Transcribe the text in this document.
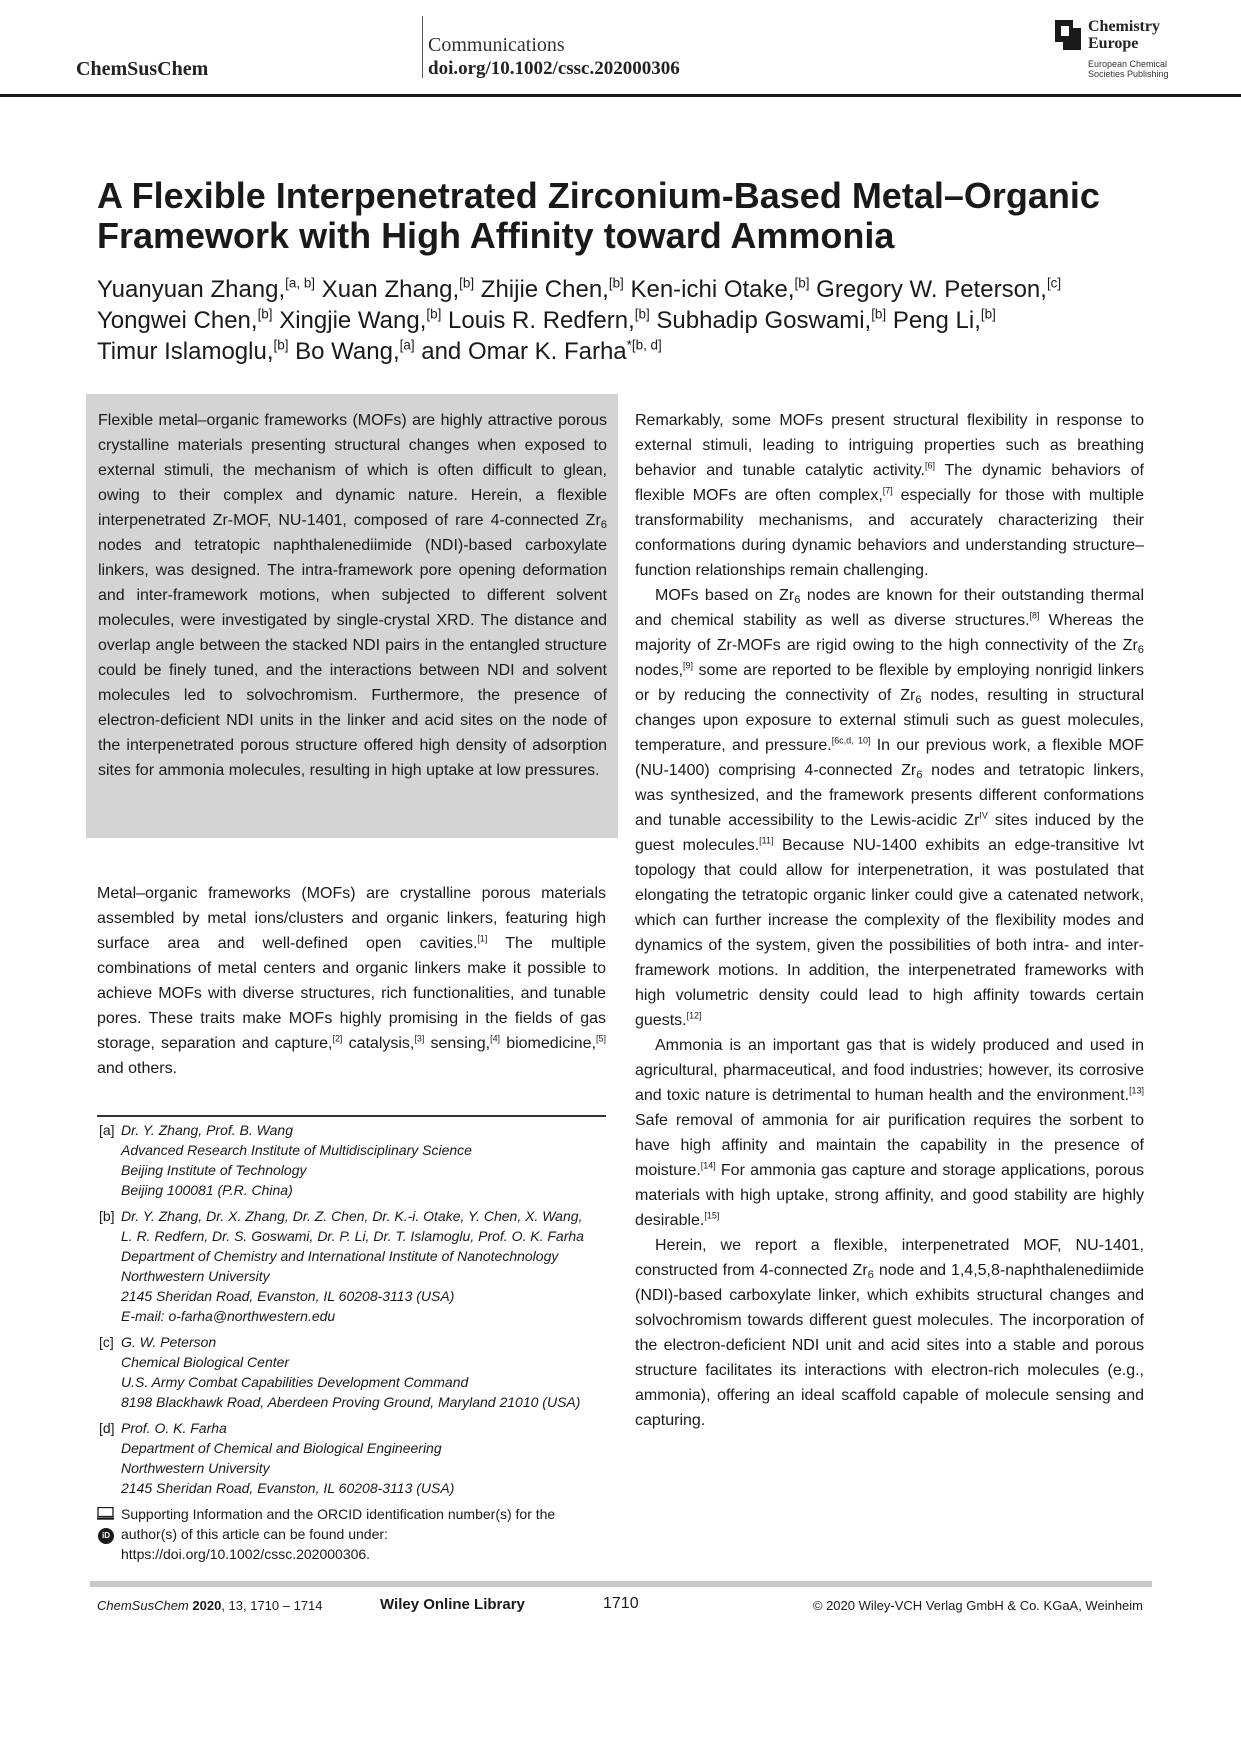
ChemSusChem
Communications
doi.org/10.1002/cssc.202000306
Chemistry
Europe
European Chemical
Societies Publishing
A Flexible Interpenetrated Zirconium-Based Metal–Organic
Framework with High Affinity toward Ammonia
Yuanyuan Zhang,[a, b] Xuan Zhang,[b] Zhijie Chen,[b] Ken-ichi Otake,[b] Gregory W. Peterson,[c]
Yongwei Chen,[b] Xingjie Wang,[b] Louis R. Redfern,[b] Subhadip Goswami,[b] Peng Li,[b]
Timur Islamoglu,[b] Bo Wang,[a] and Omar K. Farha$^{*[b, d]}$
Flexible metal–organic frameworks (MOFs) are highly attractive porous crystalline materials presenting structural changes when exposed to external stimuli, the mechanism of which is often difficult to glean, owing to their complex and dynamic nature. Herein, a flexible interpenetrated Zr-MOF, NU-1401, composed of rare 4-connected $Zr_6$ nodes and tetratopic naphthalenediimide (NDI)-based carboxylate linkers, was designed. The intra-framework pore opening deformation and inter-framework motions, when subjected to different solvent molecules, were investigated by single-crystal XRD. The distance and overlap angle between the stacked NDI pairs in the entangled structure could be finely tuned, and the interactions between NDI and solvent molecules led to solvochromism. Furthermore, the presence of electron-deficient NDI units in the linker and acid sites on the node of the interpenetrated porous structure offered high density of adsorption sites for ammonia molecules, resulting in high uptake at low pressures.

Metal–organic frameworks (MOFs) are crystalline porous materials assembled by metal ions/clusters and organic linkers, featuring high surface area and well-defined open cavities.[1] The multiple combinations of metal centers and organic linkers make it possible to achieve MOFs with diverse structures, rich functionalities, and tunable pores. These traits make MOFs highly promising in the fields of gas storage, separation and capture,[2] catalysis,[3] sensing,[4] biomedicine,[5] and others.

[a] Dr. Y. Zhang, Prof. B. Wang
Advanced Research Institute of Multidisciplinary Science
Beijing Institute of Technology
Beijing 100081 (P.R. China)
[b] Dr. Y. Zhang, Dr. X. Zhang, Dr. Z. Chen, Dr. K.-i. Otake, Y. Chen, X. Wang,
L. R. Redfern, Dr. S. Goswami, Dr. P. Li, Dr. T. Islamoglu, Prof. O. K. Farha
Department of Chemistry and International Institute of Nanotechnology
Northwestern University
2145 Sheridan Road, Evanston, IL 60208-3113 (USA)
E-mail: o-farha@northwestern.edu
[c] G. W. Peterson
Chemical Biological Center
U.S. Army Combat Capabilities Development Command
8198 Blackhawk Road, Aberdeen Proving Ground, Maryland 21010 (USA)
[d] Prof. O. K. Farha
Department of Chemical and Biological Engineering
Northwestern University
2145 Sheridan Road, Evanston, IL 60208-3113 (USA)
iD
Supporting Information and the ORCID identification number(s) for the
author(s) of this article can be found under:
https://doi.org/10.1002/cssc.202000306.

Remarkably, some MOFs present structural flexibility in response to external stimuli, leading to intriguing properties such as breathing behavior and tunable catalytic activity.[6] The dynamic behaviors of flexible MOFs are often complex,[7] especially for those with multiple transformability mechanisms, and accurately characterizing their conformations during dynamic behaviors and understanding structure–function relationships remain challenging.

MOFs based on $Zr_6$ nodes are known for their outstanding thermal and chemical stability as well as diverse structures.[8] Whereas the majority of Zr-MOFs are rigid owing to the high connectivity of the $Zr_6$ nodes,[9] some are reported to be flexible by employing nonrigid linkers or by reducing the connectivity of $Zr_6$ nodes, resulting in structural changes upon exposure to external stimuli such as guest molecules, temperature, and pressure.[6c,d, 10] In our previous work, a flexible MOF (NU-1400) comprising 4-connected $Zr_6$ nodes and tetratopic linkers, was synthesized, and the framework presents different conformations and tunable accessibility to the Lewis-acidic $Zr^{IV}$ sites induced by the guest molecules.[11] Because NU-1400 exhibits an edge-transitive lvt topology that could allow for interpenetration, it was postulated that elongating the tetratopic organic linker could give a catenated network, which can further increase the complexity of the flexibility modes and dynamics of the system, given the possibilities of both intra- and inter-framework motions. In addition, the interpenetrated frameworks with high volumetric density could lead to high affinity towards certain guests.[12]

Ammonia is an important gas that is widely produced and used in agricultural, pharmaceutical, and food industries; however, its corrosive and toxic nature is detrimental to human health and the environment.[13] Safe removal of ammonia for air purification requires the sorbent to have high affinity and maintain the capability in the presence of moisture.[14] For ammonia gas capture and storage applications, porous materials with high uptake, strong affinity, and good stability are highly desirable.[15]

Herein, we report a flexible, interpenetrated MOF, NU-1401, constructed from 4-connected $Zr_6$ node and 1,4,5,8-naphthalenediimide (NDI)-based carboxylate linker, which exhibits structural changes and solvochromism towards different guest molecules. The incorporation of the electron-deficient NDI unit and acid sites into a stable and porous structure facilitates its interactions with electron-rich molecules (e.g., ammonia), offering an ideal scaffold capable of molecule sensing and capturing.

ChemSusChem 2020, 13, 1710 – 1714	Wiley Online Library	1710	© 2020 Wiley-VCH Verlag GmbH & Co. KGaA, Weinheim
